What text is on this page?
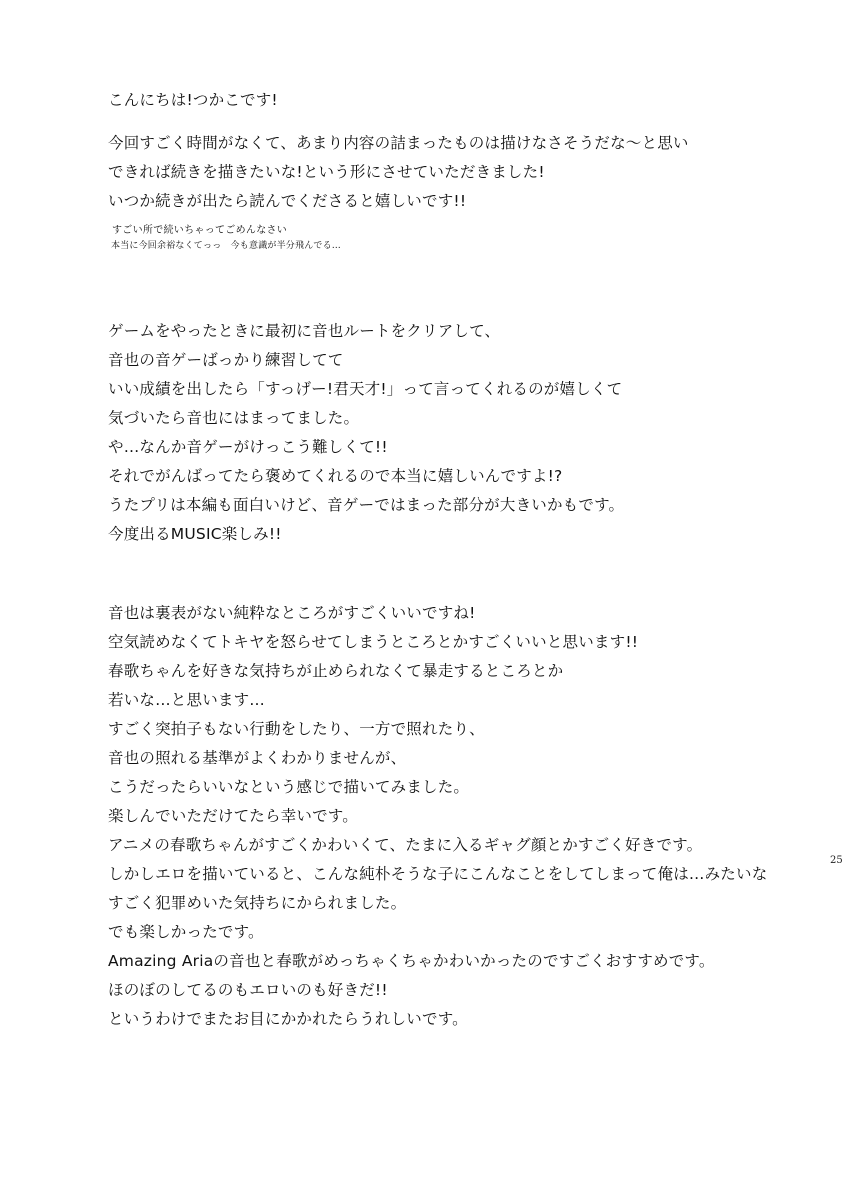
こんにちは!つかこです!
今回すごく時間がなくて、あまり内容の詰まったものは描けなさそうだな〜と思い
できれば続きを描きたいな!という形にさせていただきました!
いつか続きが出たら読んでくださると嬉しいです!!
すごい所で続いちゃってごめんなさい
本当に今回余裕なくてっっ　今も意識が半分飛んでる…
ゲームをやったときに最初に音也ルートをクリアして、
音也の音ゲーばっかり練習してて
いい成績を出したら「すっげー!君天才!」って言ってくれるのが嬉しくて
気づいたら音也にはまってました。
や…なんか音ゲーがけっこう難しくて!!
それでがんばってたら褒めてくれるので本当に嬉しいんですよ!?
うたプリは本編も面白いけど、音ゲーではまった部分が大きいかもです。
今度出るMUSIC楽しみ!!
音也は裏表がない純粋なところがすごくいいですね!
空気読めなくてトキヤを怒らせてしまうところとかすごくいいと思います!!
春歌ちゃんを好きな気持ちが止められなくて暴走するところとか
若いな…と思います…
すごく突拍子もない行動をしたり、一方で照れたり、
音也の照れる基準がよくわかりませんが、
こうだったらいいなという感じで描いてみました。
楽しんでいただけてたら幸いです。
アニメの春歌ちゃんがすごくかわいくて、たまに入るギャグ顔とかすごく好きです。
しかしエロを描いていると、こんな純朴そうな子にこんなことをしてしまって俺は…みたいな
すごく犯罪めいた気持ちにかられました。
でも楽しかったです。
Amazing Ariaの音也と春歌がめっちゃくちゃかわいかったのですごくおすすめです。
ほのぼのしてるのもエロいのも好きだ!!
というわけでまたお目にかかれたらうれしいです。
25
